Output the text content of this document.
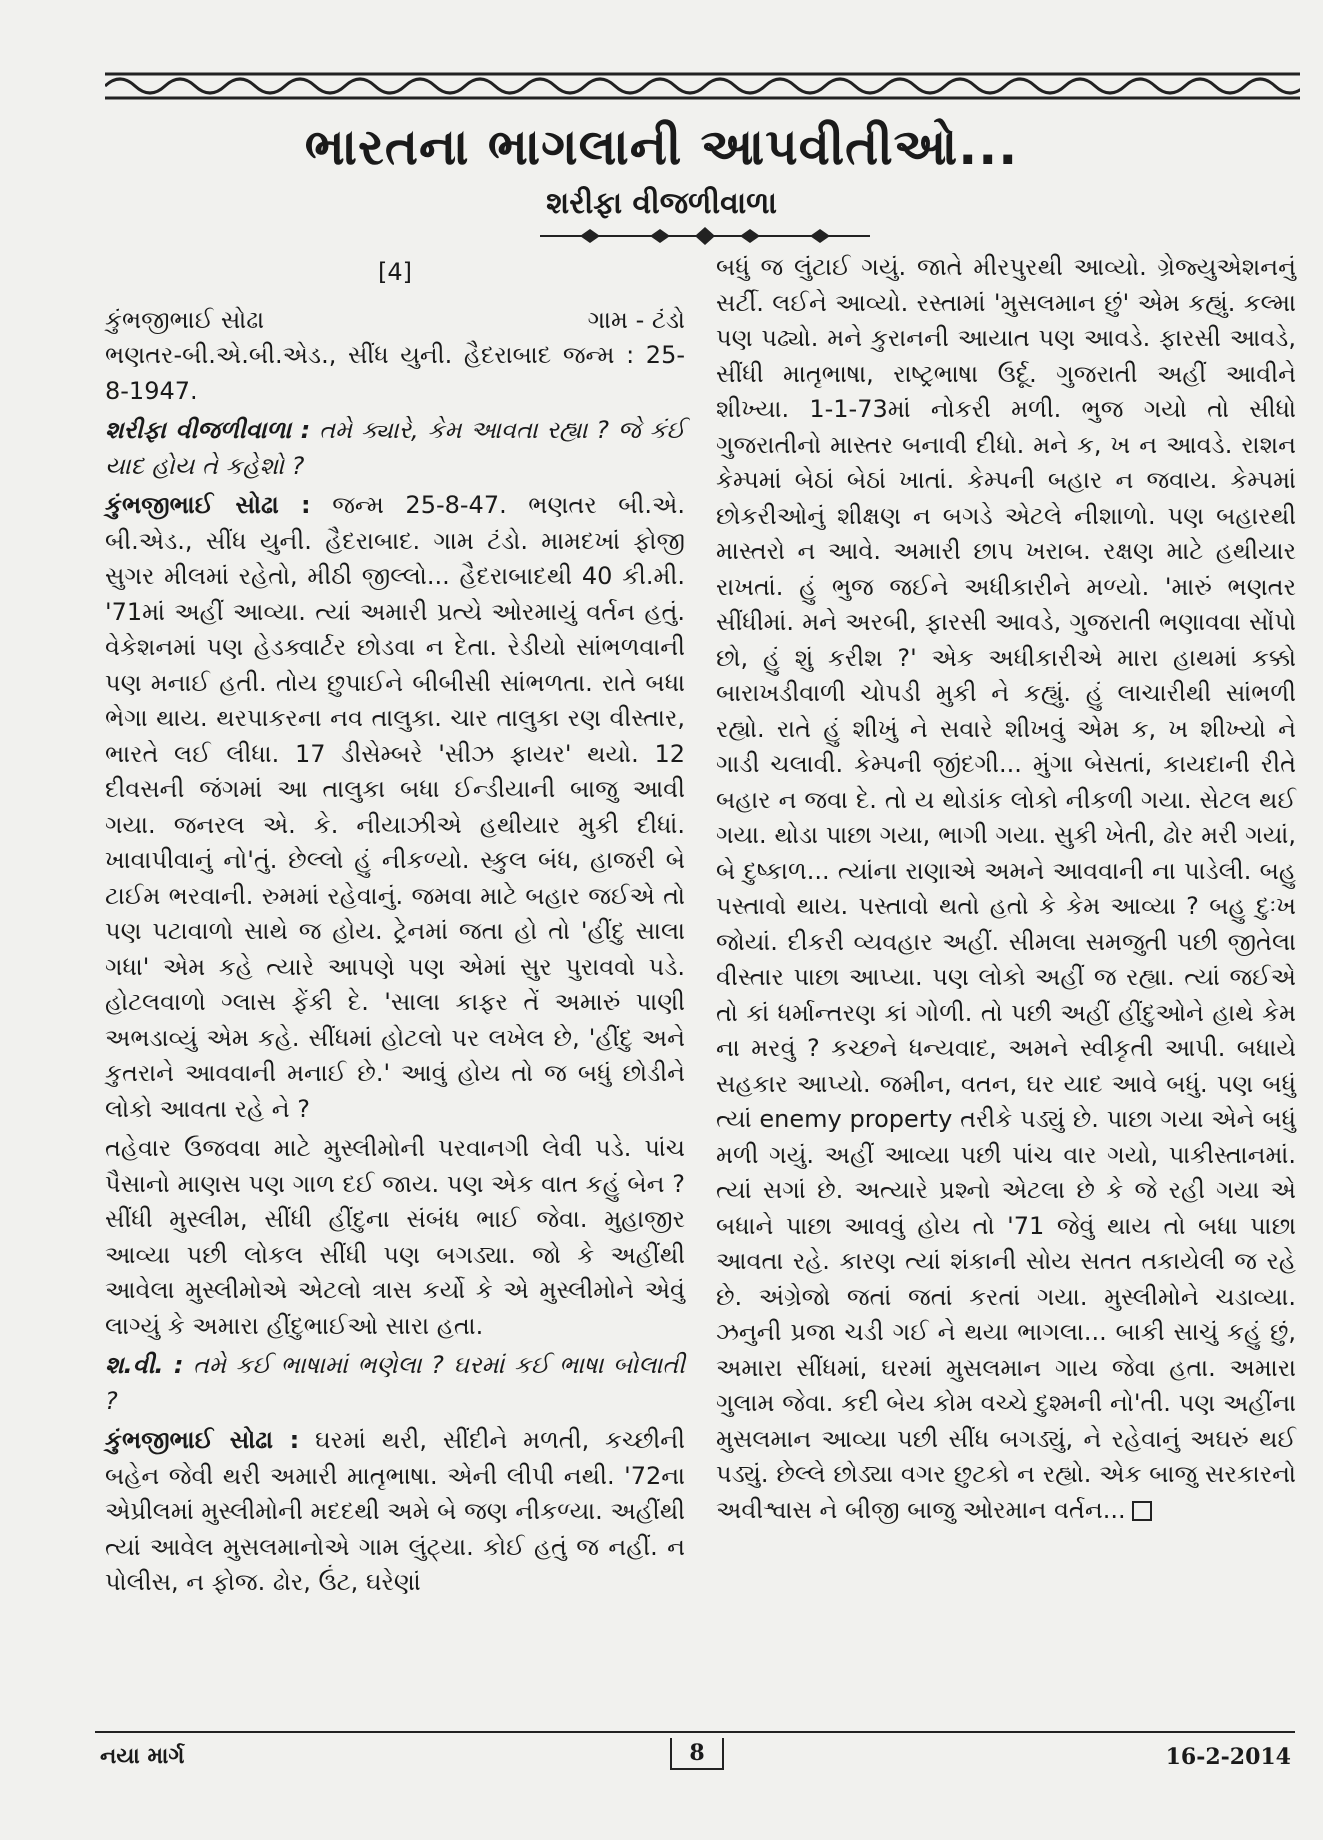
ભારતના ભાગલાની આપવીતીઓ...
શરીફા વીજળીવાળા

[4]

કુંભજીભાઈ સોઢા	ગામ - ટંડો

ભણતર-બી.એ.બી.એડ., સીંધ યુની. હૈદરાબાદ જન્મ : 25-8-1947.

શરીફા વીજળીવાળા : તમે ક્યારે, કેમ આવતા રહ્યા ? જે કંઈ યાદ હોય તે કહેશો ?

કુંભજીભાઈ સોઢા : જન્મ 25-8-47. ભણતર બી.એ. બી.એડ., સીંધ યુની. હૈદરાબાદ. ગામ ટંડો. મામદખાં ફોજી સુગર મીલમાં રહેતો, મીઠી જીલ્લો... હૈદરાબાદથી 40 કી.મી. '71માં અહીં આવ્યા. ત્યાં અમારી પ્રત્યે ઓરમાયું વર્તન હતું. વેકેશનમાં પણ હેડક્વાર્ટર છોડવા ન દેતા. રેડીયો સાંભળવાની પણ મનાઈ હતી. તોય છુપાઈને બીબીસી સાંભળતા. રાતે બધા ભેગા થાય. થરપાકરના નવ તાલુકા. ચાર તાલુકા રણ વીસ્તાર, ભારતે લઈ લીધા. 17 ડીસેમ્બરે 'સીઝ ફાયર' થયો. 12 દીવસની જંગમાં આ તાલુકા બધા ઈન્ડીયાની બાજુ આવી ગયા. જનરલ એ. કે. નીયાઝીએ હથીયાર મુકી દીધાં. ખાવાપીવાનું નો'તું. છેલ્લો હું નીકળ્યો. સ્કુલ બંધ, હાજરી બે ટાઈમ ભરવાની. રુમમાં રહેવાનું. જમવા માટે બહાર જઈએ તો પણ પટાવાળો સાથે જ હોય. ટ્રેનમાં જતા હો તો 'હીંદુ સાલા ગધા' એમ કહે ત્યારે આપણે પણ એમાં સુર પુરાવવો પડે. હોટલવાળો ગ્લાસ ફેંકી દે. 'સાલા કાફર તેં અમારું પાણી અભડાવ્યું એમ કહે. સીંધમાં હોટલો પર લખેલ છે, 'હીંદુ અને કુતરાને આવવાની મનાઈ છે.' આવું હોય તો જ બધું છોડીને લોકો આવતા રહે ને ?

તહેવાર ઉજવવા માટે મુસ્લીમોની પરવાનગી લેવી પડે. પાંચ પૈસાનો માણસ પણ ગાળ દઈ જાય. પણ એક વાત કહું બેન ? સીંધી મુસ્લીમ, સીંધી હીંદુના સંબંધ ભાઈ જેવા. મુહાજીર આવ્યા પછી લોકલ સીંધી પણ બગડ્યા. જો કે અહીંથી આવેલા મુસ્લીમોએ એટલો ત્રાસ કર્યો કે એ મુસ્લીમોને એવું લાગ્યું કે અમારા હીંદુભાઈઓ સારા હતા.

શ.વી. : તમે કઈ ભાષામાં ભણેલા ? ઘરમાં કઈ ભાષા બોલાતી ?

કુંભજીભાઈ સોઢા : ઘરમાં થરી, સીંદીને મળતી, કચ્છીની બહેન જેવી થરી અમારી માતૃભાષા. એની લીપી નથી. '72ના એપ્રીલમાં મુસ્લીમોની મદદથી અમે બે જણ નીકળ્યા. અહીંથી ત્યાં આવેલ મુસલમાનોએ ગામ લુંટ્યા. કોઈ હતું જ નહીં. ન પોલીસ, ન ફોજ. ઢોર, ઉંટ, ઘરેણાં

બધું જ લુંટાઈ ગયું. જાતે મીરપુરથી આવ્યો. ગ્રેજ્યુએશનનું સર્ટી. લઈને આવ્યો. રસ્તામાં 'મુસલમાન છું' એમ કહ્યું. કલ્મા પણ પઢ્યો. મને કુરાનની આયાત પણ આવડે. ફારસી આવડે, સીંધી માતૃભાષા, રાષ્ટ્રભાષા ઉર્દૂ. ગુજરાતી અહીં આવીને શીખ્યા. 1-1-73માં નોકરી મળી. ભુજ ગયો તો સીધો ગુજરાતીનો માસ્તર બનાવી દીધો. મને ક, ખ ન આવડે. રાશન કેમ્પમાં બેઠાં બેઠાં ખાતાં. કેમ્પની બહાર ન જવાય. કેમ્પમાં છોકરીઓનું શીક્ષણ ન બગડે એટલે નીશાળો. પણ બહારથી માસ્તરો ન આવે. અમારી છાપ ખરાબ. રક્ષણ માટે હથીયાર રાખતાં. હું ભુજ જઈને અધીકારીને મળ્યો. 'મારું ભણતર સીંધીમાં. મને અરબી, ફારસી આવડે, ગુજરાતી ભણાવવા સોંપો છો, હું શું કરીશ ?' એક અધીકારીએ મારા હાથમાં કક્કો બારાખડીવાળી ચોપડી મુકી ને કહ્યું. હું લાચારીથી સાંભળી રહ્યો. રાતે હું શીખું ને સવારે શીખવું એમ ક, ખ શીખ્યો ને ગાડી ચલાવી. કેમ્પની જીંદગી... મુંગા બેસતાં, કાયદાની રીતે બહાર ન જવા દે. તો ય થોડાંક લોકો નીકળી ગયા. સેટલ થઈ ગયા. થોડા પાછા ગયા, ભાગી ગયા. સુકી ખેતી, ઢોર મરી ગયાં, બે દુષ્કાળ... ત્યાંના રાણાએ અમને આવવાની ના પાડેલી. બહુ પસ્તાવો થાય. પસ્તાવો થતો હતો કે કેમ આવ્યા ? બહુ દુઃખ જોયાં. દીકરી વ્યવહાર અહીં. સીમલા સમજુતી પછી જીતેલા વીસ્તાર પાછા આપ્યા. પણ લોકો અહીં જ રહ્યા. ત્યાં જઈએ તો કાં ધર્માન્તરણ કાં ગોળી. તો પછી અહીં હીંદુઓને હાથે કેમ ના મરવું ? કચ્છને ધન્યવાદ, અમને સ્વીકૃતી આપી. બધાયે સહકાર આપ્યો. જમીન, વતન, ઘર યાદ આવે બધું. પણ બધું ત્યાં enemy property તરીકે પડ્યું છે. પાછા ગયા એને બધું મળી ગયું. અહીં આવ્યા પછી પાંચ વાર ગયો, પાકીસ્તાનમાં. ત્યાં સગાં છે. અત્યારે પ્રશ્નો એટલા છે કે જે રહી ગયા એ બધાને પાછા આવવું હોય તો '71 જેવું થાય તો બધા પાછા આવતા રહે. કારણ ત્યાં શંકાની સોય સતત તકાયેલી જ રહે છે. અંગ્રેજો જતાં જતાં કરતાં ગયા. મુસ્લીમોને ચડાવ્યા. ઝનુની પ્રજા ચડી ગઈ ને થયા ભાગલા... બાકી સાચું કહું છું, અમારા સીંધમાં, ઘરમાં મુસલમાન ગાય જેવા હતા. અમારા ગુલામ જેવા. કદી બેય કોમ વચ્ચે દુશ્મની નો'તી. પણ અહીંના મુસલમાન આવ્યા પછી સીંધ બગડ્યું, ને રહેવાનું અઘરું થઈ પડ્યું. છેલ્લે છોડ્યા વગર છુટકો ન રહ્યો. એક બાજુ સરકારનો અવીશ્વાસ ને બીજી બાજુ ઓરમાન વર્તન...

નયા માર્ગ	8	16-2-2014
